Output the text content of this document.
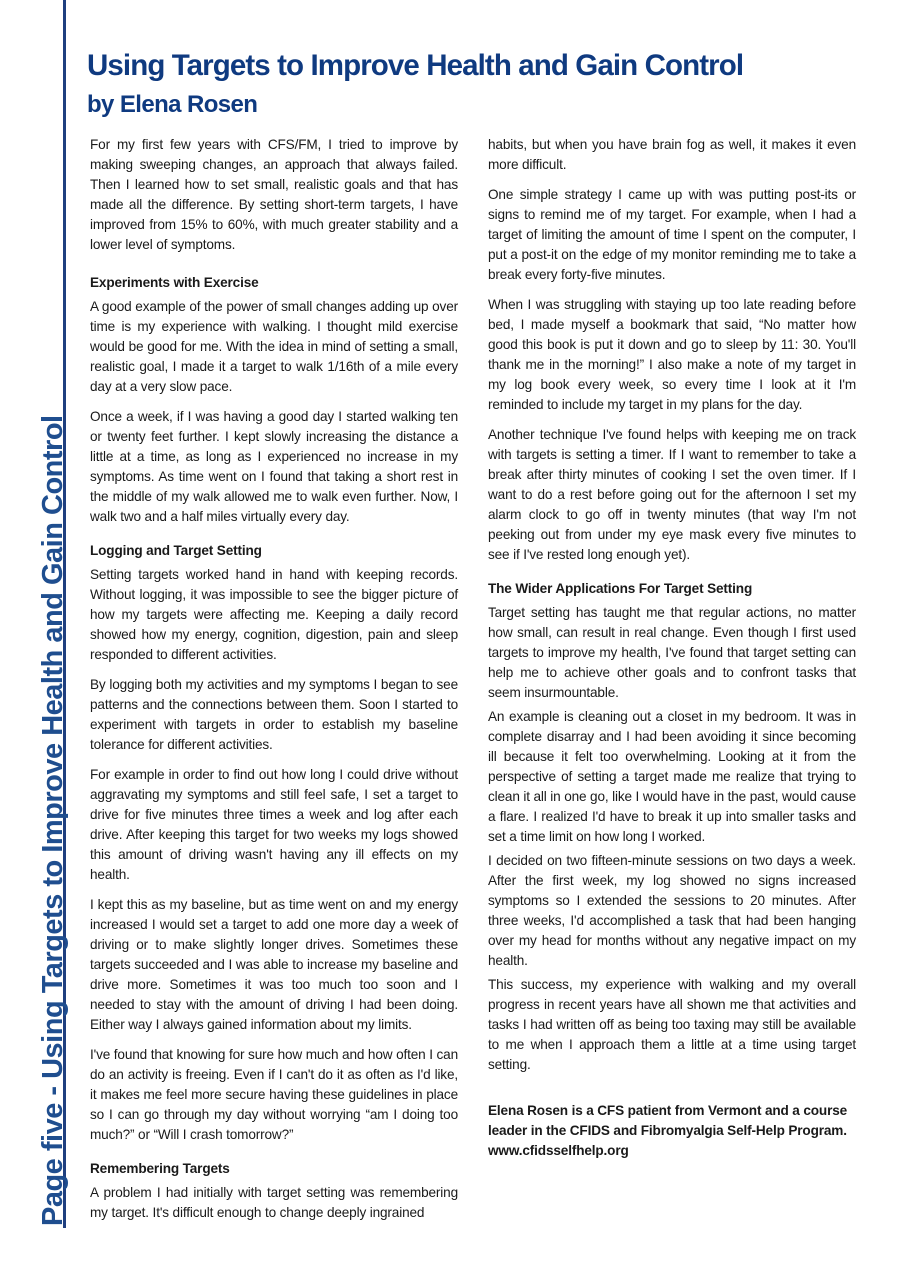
Page five - Using Targets to Improve Health and Gain Control
Using Targets to Improve Health and Gain Control
by Elena Rosen

For my first few years with CFS/FM, I tried to improve by making sweeping changes, an approach that always failed. Then I learned how to set small, realistic goals and that has made all the difference. By setting short-term targets, I have improved from 15% to 60%, with much greater stability and a lower level of symptoms.

Experiments with Exercise

A good example of the power of small changes adding up over time is my experience with walking. I thought mild exercise would be good for me. With the idea in mind of setting a small, realistic goal, I made it a target to walk 1/16th of a mile every day at a very slow pace.

Once a week, if I was having a good day I started walking ten or twenty feet further. I kept slowly increasing the distance a little at a time, as long as I experienced no increase in my symptoms. As time went on I found that taking a short rest in the middle of my walk allowed me to walk even further. Now, I walk two and a half miles virtually every day.

Logging and Target Setting

Setting targets worked hand in hand with keeping records. Without logging, it was impossible to see the bigger picture of how my targets were affecting me. Keeping a daily record showed how my energy, cognition, digestion, pain and sleep responded to different activities.

By logging both my activities and my symptoms I began to see patterns and the connections between them. Soon I started to experiment with targets in order to establish my baseline tolerance for different activities.

For example in order to find out how long I could drive without aggravating my symptoms and still feel safe, I set a target to drive for five minutes three times a week and log after each drive. After keeping this target for two weeks my logs showed this amount of driving wasn't having any ill effects on my health.

I kept this as my baseline, but as time went on and my energy increased I would set a target to add one more day a week of driving or to make slightly longer drives. Sometimes these targets succeeded and I was able to increase my baseline and drive more. Sometimes it was too much too soon and I needed to stay with the amount of driving I had been doing. Either way I always gained information about my limits.

I've found that knowing for sure how much and how often I can do an activity is freeing. Even if I can't do it as often as I'd like, it makes me feel more secure having these guidelines in place so I can go through my day without worrying “am I doing too much?” or “Will I crash tomorrow?”

Remembering Targets

A problem I had initially with target setting was remembering my target. It's difficult enough to change deeply ingrained

habits, but when you have brain fog as well, it makes it even more difficult.

One simple strategy I came up with was putting post-its or signs to remind me of my target. For example, when I had a target of limiting the amount of time I spent on the computer, I put a post-it on the edge of my monitor reminding me to take a break every forty-five minutes.

When I was struggling with staying up too late reading before bed, I made myself a bookmark that said, “No matter how good this book is put it down and go to sleep by 11: 30. You'll thank me in the morning!” I also make a note of my target in my log book every week, so every time I look at it I'm reminded to include my target in my plans for the day.

Another technique I've found helps with keeping me on track with targets is setting a timer. If I want to remember to take a break after thirty minutes of cooking I set the oven timer. If I want to do a rest before going out for the afternoon I set my alarm clock to go off in twenty minutes (that way I'm not peeking out from under my eye mask every five minutes to see if I've rested long enough yet).

The Wider Applications For Target Setting

Target setting has taught me that regular actions, no matter how small, can result in real change. Even though I first used targets to improve my health, I've found that target setting can help me to achieve other goals and to confront tasks that seem insurmountable.

An example is cleaning out a closet in my bedroom. It was in complete disarray and I had been avoiding it since becoming ill because it felt too overwhelming. Looking at it from the perspective of setting a target made me realize that trying to clean it all in one go, like I would have in the past, would cause a flare. I realized I'd have to break it up into smaller tasks and set a time limit on how long I worked.

I decided on two fifteen-minute sessions on two days a week. After the first week, my log showed no signs increased symptoms so I extended the sessions to 20 minutes. After three weeks, I'd accomplished a task that had been hanging over my head for months without any negative impact on my health.

This success, my experience with walking and my overall progress in recent years have all shown me that activities and tasks I had written off as being too taxing may still be available to me when I approach them a little at a time using target setting.

Elena Rosen is a CFS patient from Vermont and a course leader in the CFIDS and Fibromyalgia Self-Help Program.
www.cfidsselfhelp.org
